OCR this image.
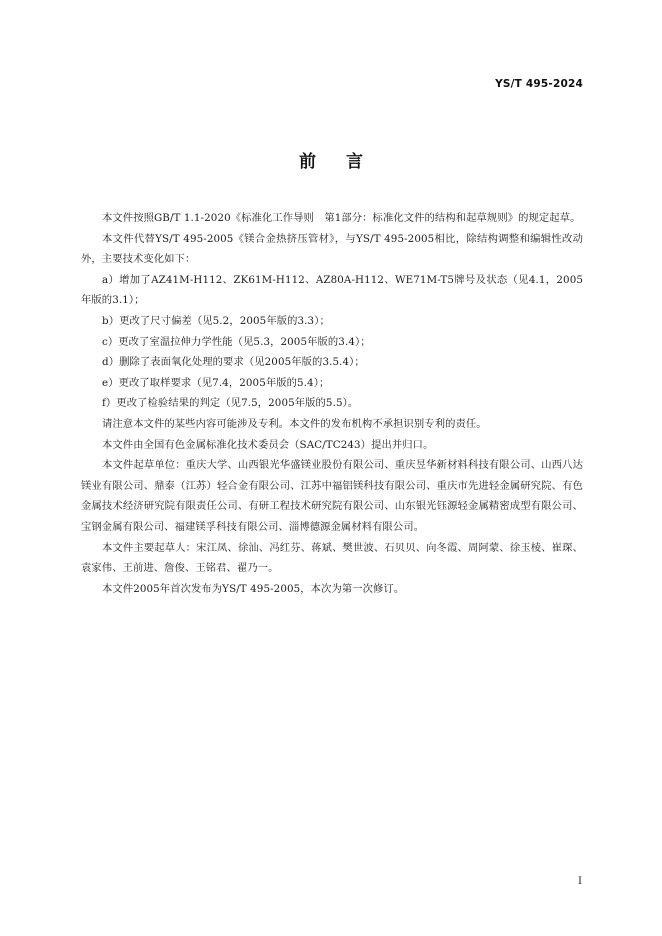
YS/T 495-2024
前 言

本文件按照GB/T 1.1-2020《标准化工作导则　第1部分：标准化文件的结构和起草规则》的规定起草。

本文件代替YS/T 495-2005《镁合金热挤压管材》，与YS/T 495-2005相比，除结构调整和编辑性改动外，主要技术变化如下：

a）增加了AZ41M-H112、ZK61M-H112、AZ80A-H112、WE71M-T5牌号及状态（见4.1，2005年版的3.1）；

b）更改了尺寸偏差（见5.2，2005年版的3.3）；

c）更改了室温拉伸力学性能（见5.3，2005年版的3.4）；

d）删除了表面氧化处理的要求（见2005年版的3.5.4）；

e）更改了取样要求（见7.4，2005年版的5.4）；

f）更改了检验结果的判定（见7.5，2005年版的5.5）。

请注意本文件的某些内容可能涉及专利。本文件的发布机构不承担识别专利的责任。

本文件由全国有色金属标准化技术委员会（SAC/TC243）提出并归口。

本文件起草单位：重庆大学、山西银光华盛镁业股份有限公司、重庆昱华新材料科技有限公司、山西八达镁业有限公司、鼎泰（江苏）轻合金有限公司、江苏中福铝镁科技有限公司、重庆市先进轻金属研究院、有色金属技术经济研究院有限责任公司、有研工程技术研究院有限公司、山东银光钰源轻金属精密成型有限公司、宝钢金属有限公司、福建镁孚科技有限公司、淄博德源金属材料有限公司。

本文件主要起草人：宋江凤、徐汕、冯红芬、蒋斌、樊世波、石贝贝、向冬霞、周阿蒙、徐玉棱、崔琛、袁家伟、王前进、詹俊、王铭君、翟乃一。

本文件2005年首次发布为YS/T 495-2005，本次为第一次修订。

I
